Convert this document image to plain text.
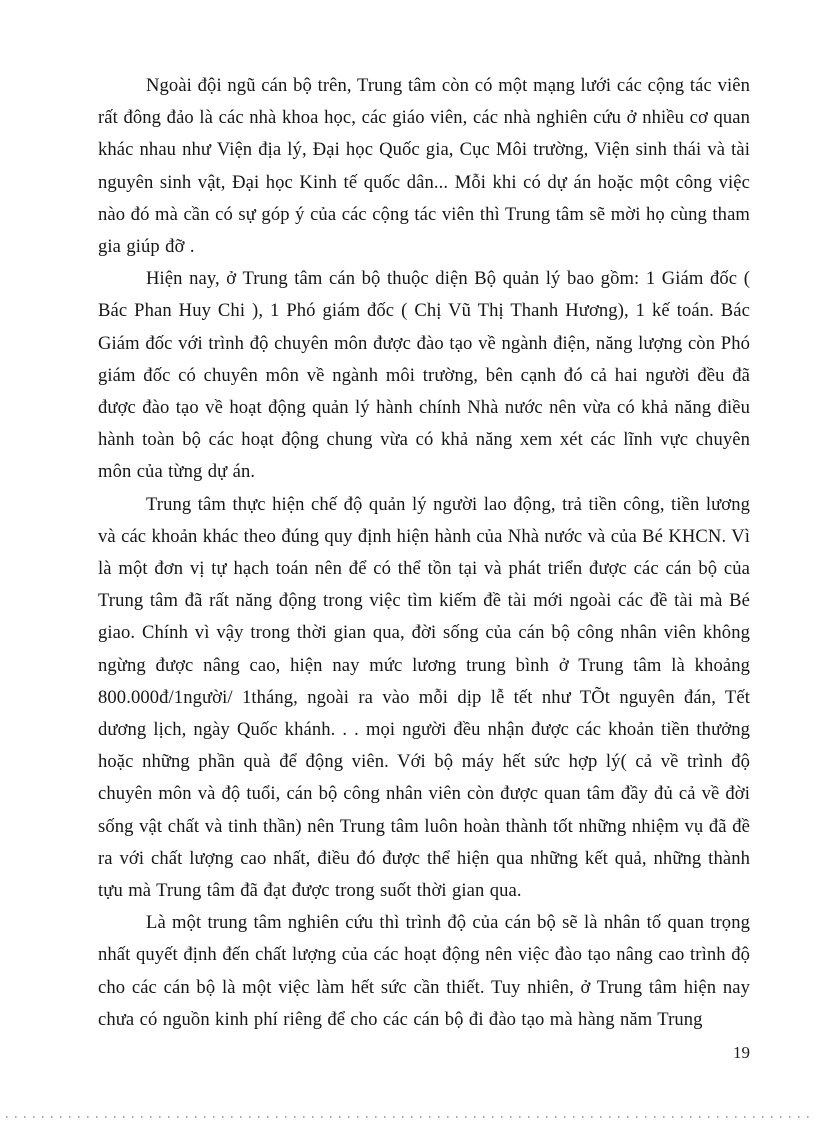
Ngoài đội ngũ cán bộ trên, Trung tâm còn có một mạng lưới các cộng tác viên rất đông đảo là các nhà khoa học, các giáo viên, các nhà nghiên cứu ở nhiều cơ quan khác nhau như Viện địa lý, Đại học Quốc gia, Cục Môi trường, Viện sinh thái và tài nguyên sinh vật, Đại học Kinh tế quốc dân... Mỗi khi có dự án hoặc một công việc nào đó mà cần có sự góp ý của các cộng tác viên thì Trung tâm sẽ mời họ cùng tham gia giúp đỡ .

Hiện nay, ở Trung tâm cán bộ thuộc diện Bộ quản lý bao gồm: 1 Giám đốc ( Bác Phan Huy Chi ), 1 Phó giám đốc ( Chị Vũ Thị Thanh Hương), 1 kế toán. Bác Giám đốc với trình độ chuyên môn được đào tạo về ngành điện, năng lượng còn Phó giám đốc có chuyên môn về ngành môi trường, bên cạnh đó cả hai người đều đã được đào tạo về hoạt động quản lý hành chính Nhà nước nên vừa có khả năng điều hành toàn bộ các hoạt động chung vừa có khả năng xem xét các lĩnh vực chuyên môn của từng dự án.

Trung tâm thực hiện chế độ quản lý người lao động, trả tiền công, tiền lương và các khoản khác theo đúng quy định hiện hành của Nhà nước và của Bé KHCN. Vì là một đơn vị tự hạch toán nên để có thể tồn tại và phát triển được các cán bộ của Trung tâm đã rất năng động trong việc tìm kiếm đề tài mới ngoài các đề tài mà Bé giao. Chính vì vậy trong thời gian qua, đời sống của cán bộ công nhân viên không ngừng được nâng cao, hiện nay mức lương trung bình ở Trung tâm là khoảng 800.000đ/1người/ 1tháng, ngoài ra vào mỗi dịp lễ tết như TÕt nguyên đán, Tết dương lịch, ngày Quốc khánh. . . mọi người đều nhận được các khoản tiền thưởng hoặc những phần quà để động viên. Với bộ máy hết sức hợp lý( cả về trình độ chuyên môn và độ tuổi, cán bộ công nhân viên còn được quan tâm đầy đủ cả về đời sống vật chất và tinh thần) nên Trung tâm luôn hoàn thành tốt những nhiệm vụ đã đề ra với chất lượng cao nhất, điều đó được thể hiện qua những kết quả, những thành tựu mà Trung tâm đã đạt được trong suốt thời gian qua.

Là một trung tâm nghiên cứu thì trình độ của cán bộ sẽ là nhân tố quan trọng nhất quyết định đến chất lượng của các hoạt động nên việc đào tạo nâng cao trình độ cho các cán bộ là một việc làm hết sức cần thiết. Tuy nhiên, ở Trung tâm hiện nay chưa có nguồn kinh phí riêng để cho các cán bộ đi đào tạo mà hàng năm Trung

19
